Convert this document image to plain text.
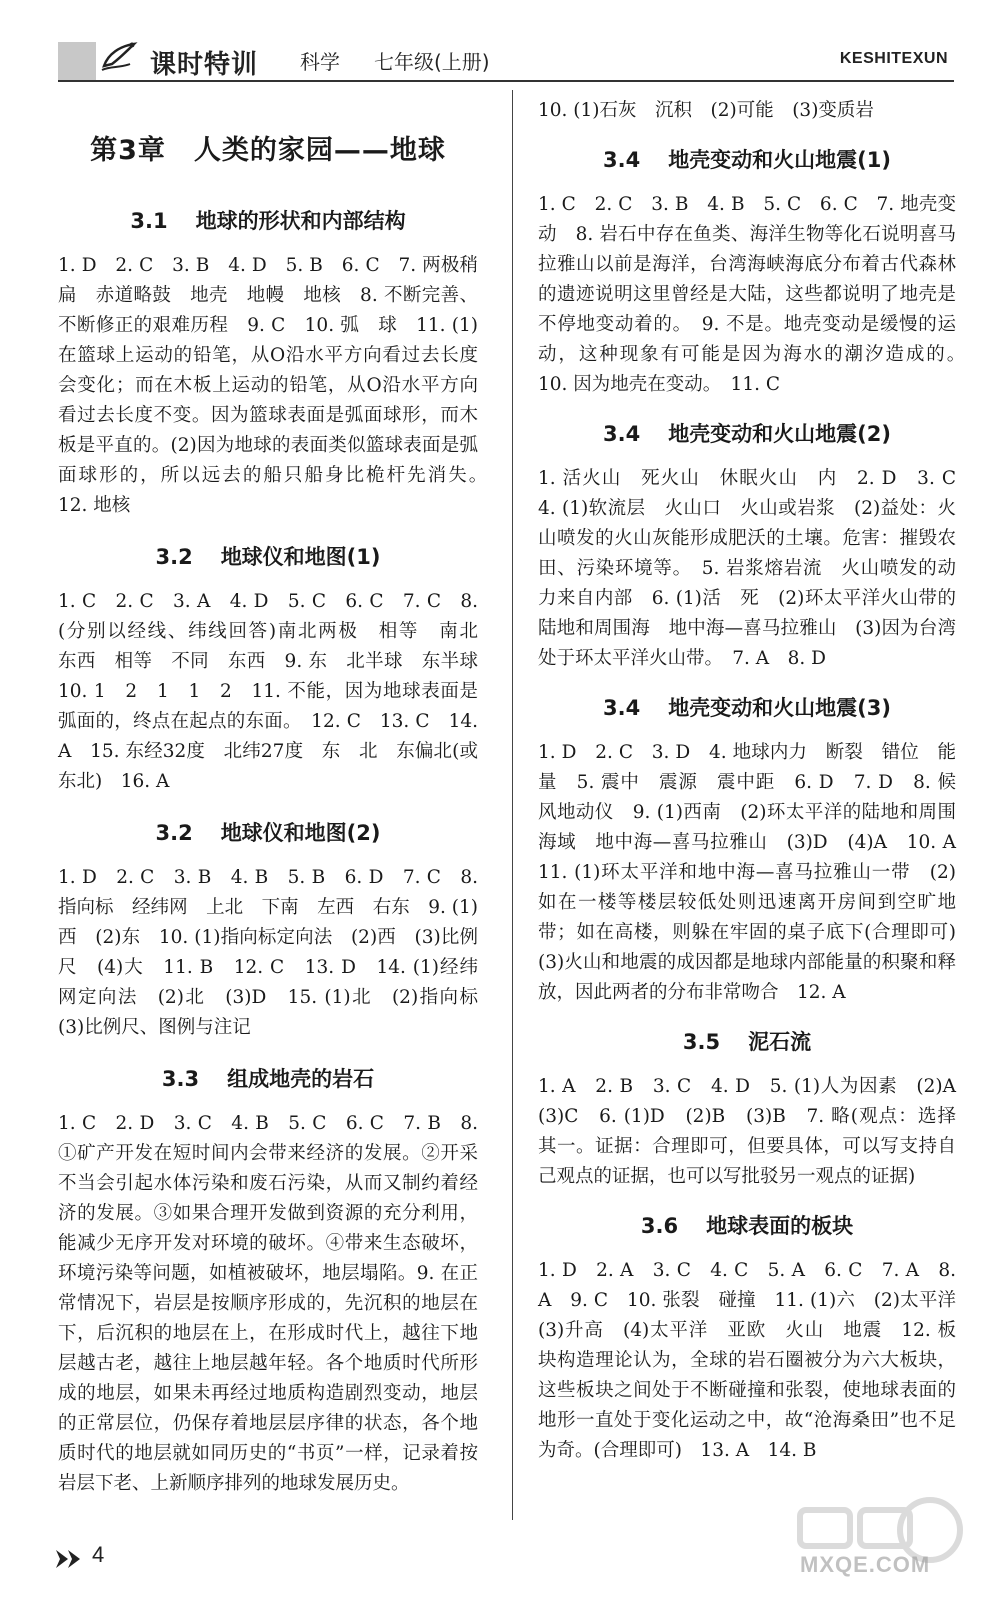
课时特训 科学 七年级(上册)	KESHITEXUN
第3章　人类的家园——地球
3.1 地球的形状和内部结构

1. D　2. C　3. B　4. D　5. B　6. C　7. 两极稍扁　赤道略鼓　地壳　地幔　地核　8. 不断完善、不断修正的艰难历程　9. C　10. 弧　球　11. (1)在篮球上运动的铅笔，从O沿水平方向看过去长度会变化；而在木板上运动的铅笔，从O沿水平方向看过去长度不变。因为篮球表面是弧面球形，而木板是平直的。(2)因为地球的表面类似篮球表面是弧面球形的，所以远去的船只船身比桅杆先消失。　12. 地核

3.2 地球仪和地图(1)

1. C　2. C　3. A　4. D　5. C　6. C　7. C　8. (分别以经线、纬线回答)南北两极　相等　南北　东西　相等　不同　东西　9. 东　北半球　东半球　10. 1　2　1　1　2　11. 不能，因为地球表面是弧面的，终点在起点的东面。　12. C　13. C　14. A　15. 东经32度　北纬27度　东　北　东偏北(或东北)　16. A

3.2 地球仪和地图(2)

1. D　2. C　3. B　4. B　5. B　6. D　7. C　8. 指向标　经纬网　上北　下南　左西　右东　9. (1)西　(2)东　10. (1)指向标定向法　(2)西　(3)比例尺　(4)大　11. B　12. C　13. D　14. (1)经纬网定向法　(2)北　(3)D　15. (1)北　(2)指向标　(3)比例尺、图例与注记

3.3 组成地壳的岩石

1. C　2. D　3. C　4. B　5. C　6. C　7. B　8. ①矿产开发在短时间内会带来经济的发展。②开采不当会引起水体污染和废石污染，从而又制约着经济的发展。③如果合理开发做到资源的充分利用，能减少无序开发对环境的破坏。④带来生态破坏，环境污染等问题，如植被破坏，地层塌陷。9. 在正常情况下，岩层是按顺序形成的，先沉积的地层在下，后沉积的地层在上，在形成时代上，越往下地层越古老，越往上地层越年轻。各个地质时代所形成的地层，如果未再经过地质构造剧烈变动，地层的正常层位，仍保存着地层层序律的状态，各个地质时代的地层就如同历史的“书页”一样，记录着按岩层下老、上新顺序排列的地球发展历史。

10. (1)石灰　沉积　(2)可能　(3)变质岩

3.4 地壳变动和火山地震(1)

1. C　2. C　3. B　4. B　5. C　6. C　7. 地壳变动　8. 岩石中存在鱼类、海洋生物等化石说明喜马拉雅山以前是海洋，台湾海峡海底分布着古代森林的遗迹说明这里曾经是大陆，这些都说明了地壳是不停地变动着的。　9. 不是。地壳变动是缓慢的运动，这种现象有可能是因为海水的潮汐造成的。　10. 因为地壳在变动。　11. C

3.4 地壳变动和火山地震(2)

1. 活火山　死火山　休眠火山　内　2. D　3. C　4. (1)软流层　火山口　火山或岩浆　(2)益处：火山喷发的火山灰能形成肥沃的土壤。危害：摧毁农田、污染环境等。　5. 岩浆熔岩流　火山喷发的动力来自内部　6. (1)活　死　(2)环太平洋火山带的陆地和周围海　地中海—喜马拉雅山　(3)因为台湾处于环太平洋火山带。　7. A　8. D

3.4 地壳变动和火山地震(3)

1. D　2. C　3. D　4. 地球内力　断裂　错位　能量　5. 震中　震源　震中距　6. D　7. D　8. 候风地动仪　9. (1)西南　(2)环太平洋的陆地和周围海域　地中海—喜马拉雅山　(3)D　(4)A　10. A　11. (1)环太平洋和地中海—喜马拉雅山一带　(2)如在一楼等楼层较低处则迅速离开房间到空旷地带；如在高楼，则躲在牢固的桌子底下(合理即可)　(3)火山和地震的成因都是地球内部能量的积聚和释放，因此两者的分布非常吻合　12. A

3.5 泥石流

1. A　2. B　3. C　4. D　5. (1)人为因素　(2)A　(3)C　6. (1)D　(2)B　(3)B　7. 略(观点：选择其一。证据：合理即可，但要具体，可以写支持自己观点的证据，也可以写批驳另一观点的证据)

3.6 地球表面的板块

1. D　2. A　3. C　4. C　5. A　6. C　7. A　8. A　9. C　10. 张裂　碰撞　11. (1)六　(2)太平洋　(3)升高　(4)太平洋　亚欧　火山　地震　12. 板块构造理论认为，全球的岩石圈被分为六大板块，这些板块之间处于不断碰撞和张裂，使地球表面的地形一直处于变化运动之中，故“沧海桑田”也不足为奇。(合理即可)　13. A　14. B

4	MXQE.COM
